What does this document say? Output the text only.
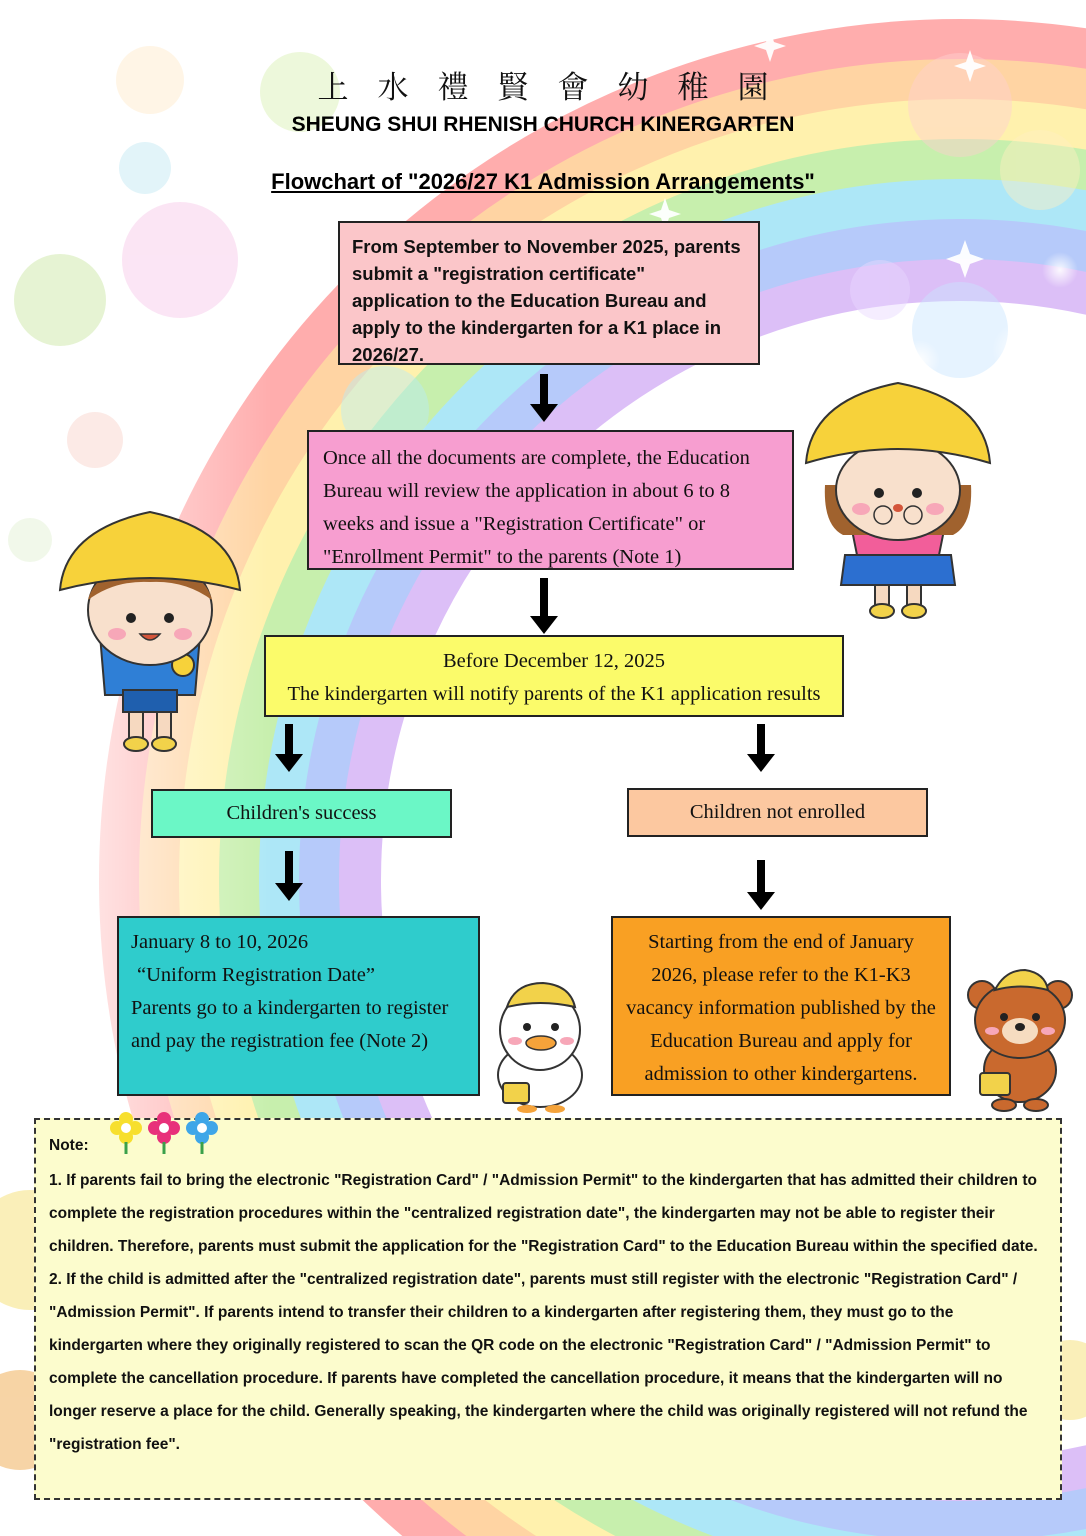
上水禮賢會幼稚園
SHEUNG SHUI RHENISH CHURCH KINERGARTEN
Flowchart of "2026/27 K1 Admission Arrangements"
From September to November 2025, parents submit a "registration certificate" application to the Education Bureau and apply to the kindergarten for a K1 place in 2026/27.
Once all the documents are complete, the Education Bureau will review the application in about 6 to 8 weeks and issue a "Registration Certificate" or "Enrollment Permit" to the parents (Note 1)
Before December 12, 2025
The kindergarten will notify parents of the K1 application results
Children's success	Children not enrolled
January 8 to 10, 2026
“Uniform Registration Date”
Parents go to a kindergarten to register and pay the registration fee (Note 2)
Starting from the end of January 2026, please refer to the K1-K3 vacancy information published by the Education Bureau and apply for admission to other kindergartens.
Note:

1. If parents fail to bring the electronic "Registration Card" / "Admission Permit" to the kindergarten that has admitted their children to complete the registration procedures within the "centralized registration date", the kindergarten may not be able to register their children. Therefore, parents must submit the application for the "Registration Card" to the Education Bureau within the specified date.

2. If the child is admitted after the "centralized registration date", parents must still register with the electronic "Registration Card" / "Admission Permit". If parents intend to transfer their children to a kindergarten after registering them, they must go to the kindergarten where they originally registered to scan the QR code on the electronic "Registration Card" / "Admission Permit" to complete the cancellation procedure. If parents have completed the cancellation procedure, it means that the kindergarten will no longer reserve a place for the child. Generally speaking, the kindergarten where the child was originally registered will not refund the "registration fee".
